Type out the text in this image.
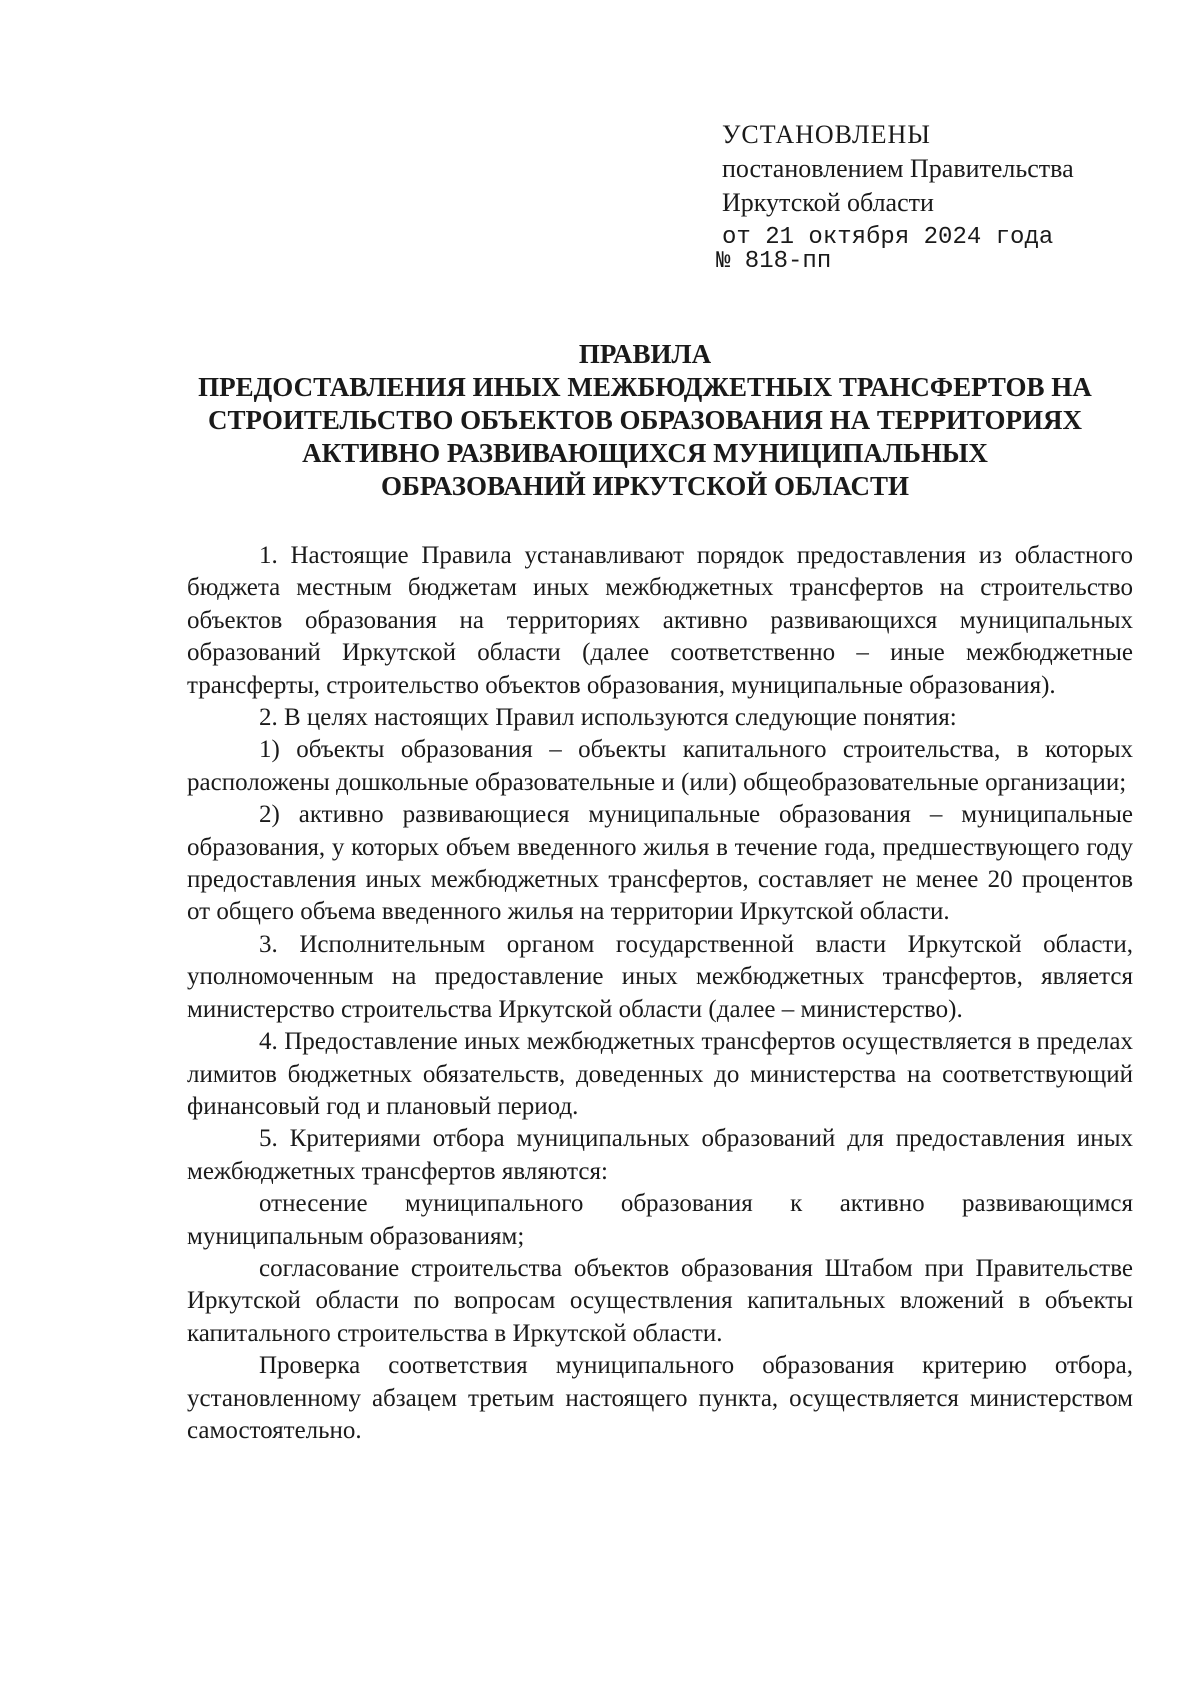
УСТАНОВЛЕНЫ
постановлением Правительства
Иркутской области
от 21 октября 2024 года
№ 818-пп
ПРАВИЛА
ПРЕДОСТАВЛЕНИЯ ИНЫХ МЕЖБЮДЖЕТНЫХ ТРАНСФЕРТОВ НА
СТРОИТЕЛЬСТВО ОБЪЕКТОВ ОБРАЗОВАНИЯ НА ТЕРРИТОРИЯХ
АКТИВНО РАЗВИВАЮЩИХСЯ МУНИЦИПАЛЬНЫХ
ОБРАЗОВАНИЙ ИРКУТСКОЙ ОБЛАСТИ

1. Настоящие Правила устанавливают порядок предоставления из областного бюджета местным бюджетам иных межбюджетных трансфертов на строительство объектов образования на территориях активно развивающихся муниципальных образований Иркутской области (далее соответственно – иные межбюджетные трансферты, строительство объектов образования, муниципальные образования).

2. В целях настоящих Правил используются следующие понятия:

1) объекты образования – объекты капитального строительства, в которых расположены дошкольные образовательные и (или) общеобразовательные организации;

2) активно развивающиеся муниципальные образования – муниципальные образования, у которых объем введенного жилья в течение года, предшествующего году предоставления иных межбюджетных трансфертов, составляет не менее 20 процентов от общего объема введенного жилья на территории Иркутской области.

3. Исполнительным органом государственной власти Иркутской области, уполномоченным на предоставление иных межбюджетных трансфертов, является министерство строительства Иркутской области (далее – министерство).

4. Предоставление иных межбюджетных трансфертов осуществляется в пределах лимитов бюджетных обязательств, доведенных до министерства на соответствующий финансовый год и плановый период.

5. Критериями отбора муниципальных образований для предоставления иных межбюджетных трансфертов являются:

отнесение муниципального образования к активно развивающимся муниципальным образованиям;

согласование строительства объектов образования Штабом при Правительстве Иркутской области по вопросам осуществления капитальных вложений в объекты капитального строительства в Иркутской области.

Проверка соответствия муниципального образования критерию отбора, установленному абзацем третьим настоящего пункта, осуществляется министерством самостоятельно.
